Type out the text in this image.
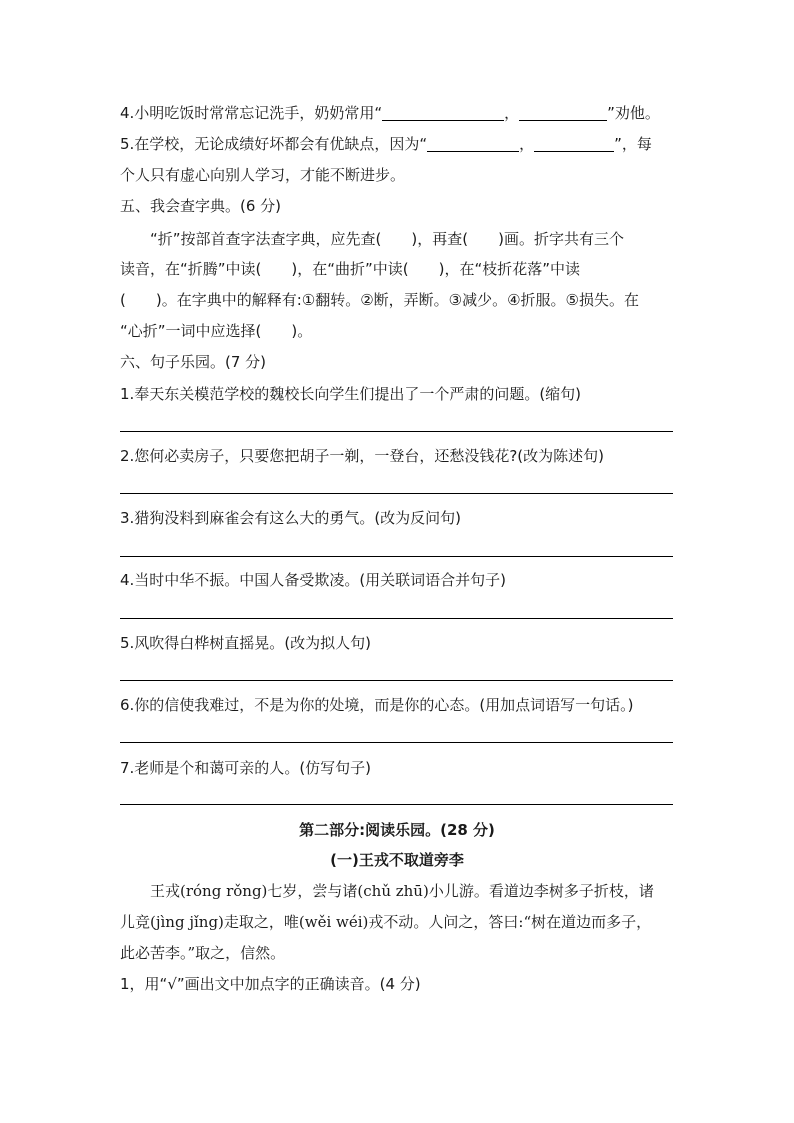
4.小明吃饭时常常忘记洗手，奶奶常用“	，	”劝他。
5.在学校，无论成绩好坏都会有优缺点，因为“	，	”，每
个人只有虚心向别人学习，才能不断进步。
五、我会查字典。(6 分)
“折”按部首查字法查字典，应先查(　　)，再查(　　)画。折字共有三个
读音，在“折腾”中读(　　)，在“曲折”中读(　　)，在“枝折花落”中读
(　　)。在字典中的解释有:①翻转。②断，弄断。③减少。④折服。⑤损失。在
“心折”一词中应选择(　　)。
六、句子乐园。(7 分)
1.奉天东关模范学校的魏校长向学生们提出了一个严肃的问题。(缩句)
2.您何必卖房子，只要您把胡子一剃，一登台，还愁没钱花?(改为陈述句)
3.猎狗没料到麻雀会有这么大的勇气。(改为反问句)
4.当时中华不振。中国人备受欺凌。(用关联词语合并句子)
5.风吹得白桦树直摇晃。(改为拟人句)
6.你的信使我难过，不是为你的处境，而是你的心态。(用加点词语写一句话。)
7.老师是个和蔼可亲的人。(仿写句子)
第二部分:阅读乐园。(28 分)
(一)王戎不取道旁李
王戎(róng rǒng)七岁，尝与诸(chǔ zhū)小儿游。看道边李树多子折枝，诸
儿竞(jìng jǐng)走取之，唯(wěi wéi)戎不动。人问之，答曰:“树在道边而多子，
此必苦李。”取之，信然。
1，用“√”画出文中加点字的正确读音。(4 分)
